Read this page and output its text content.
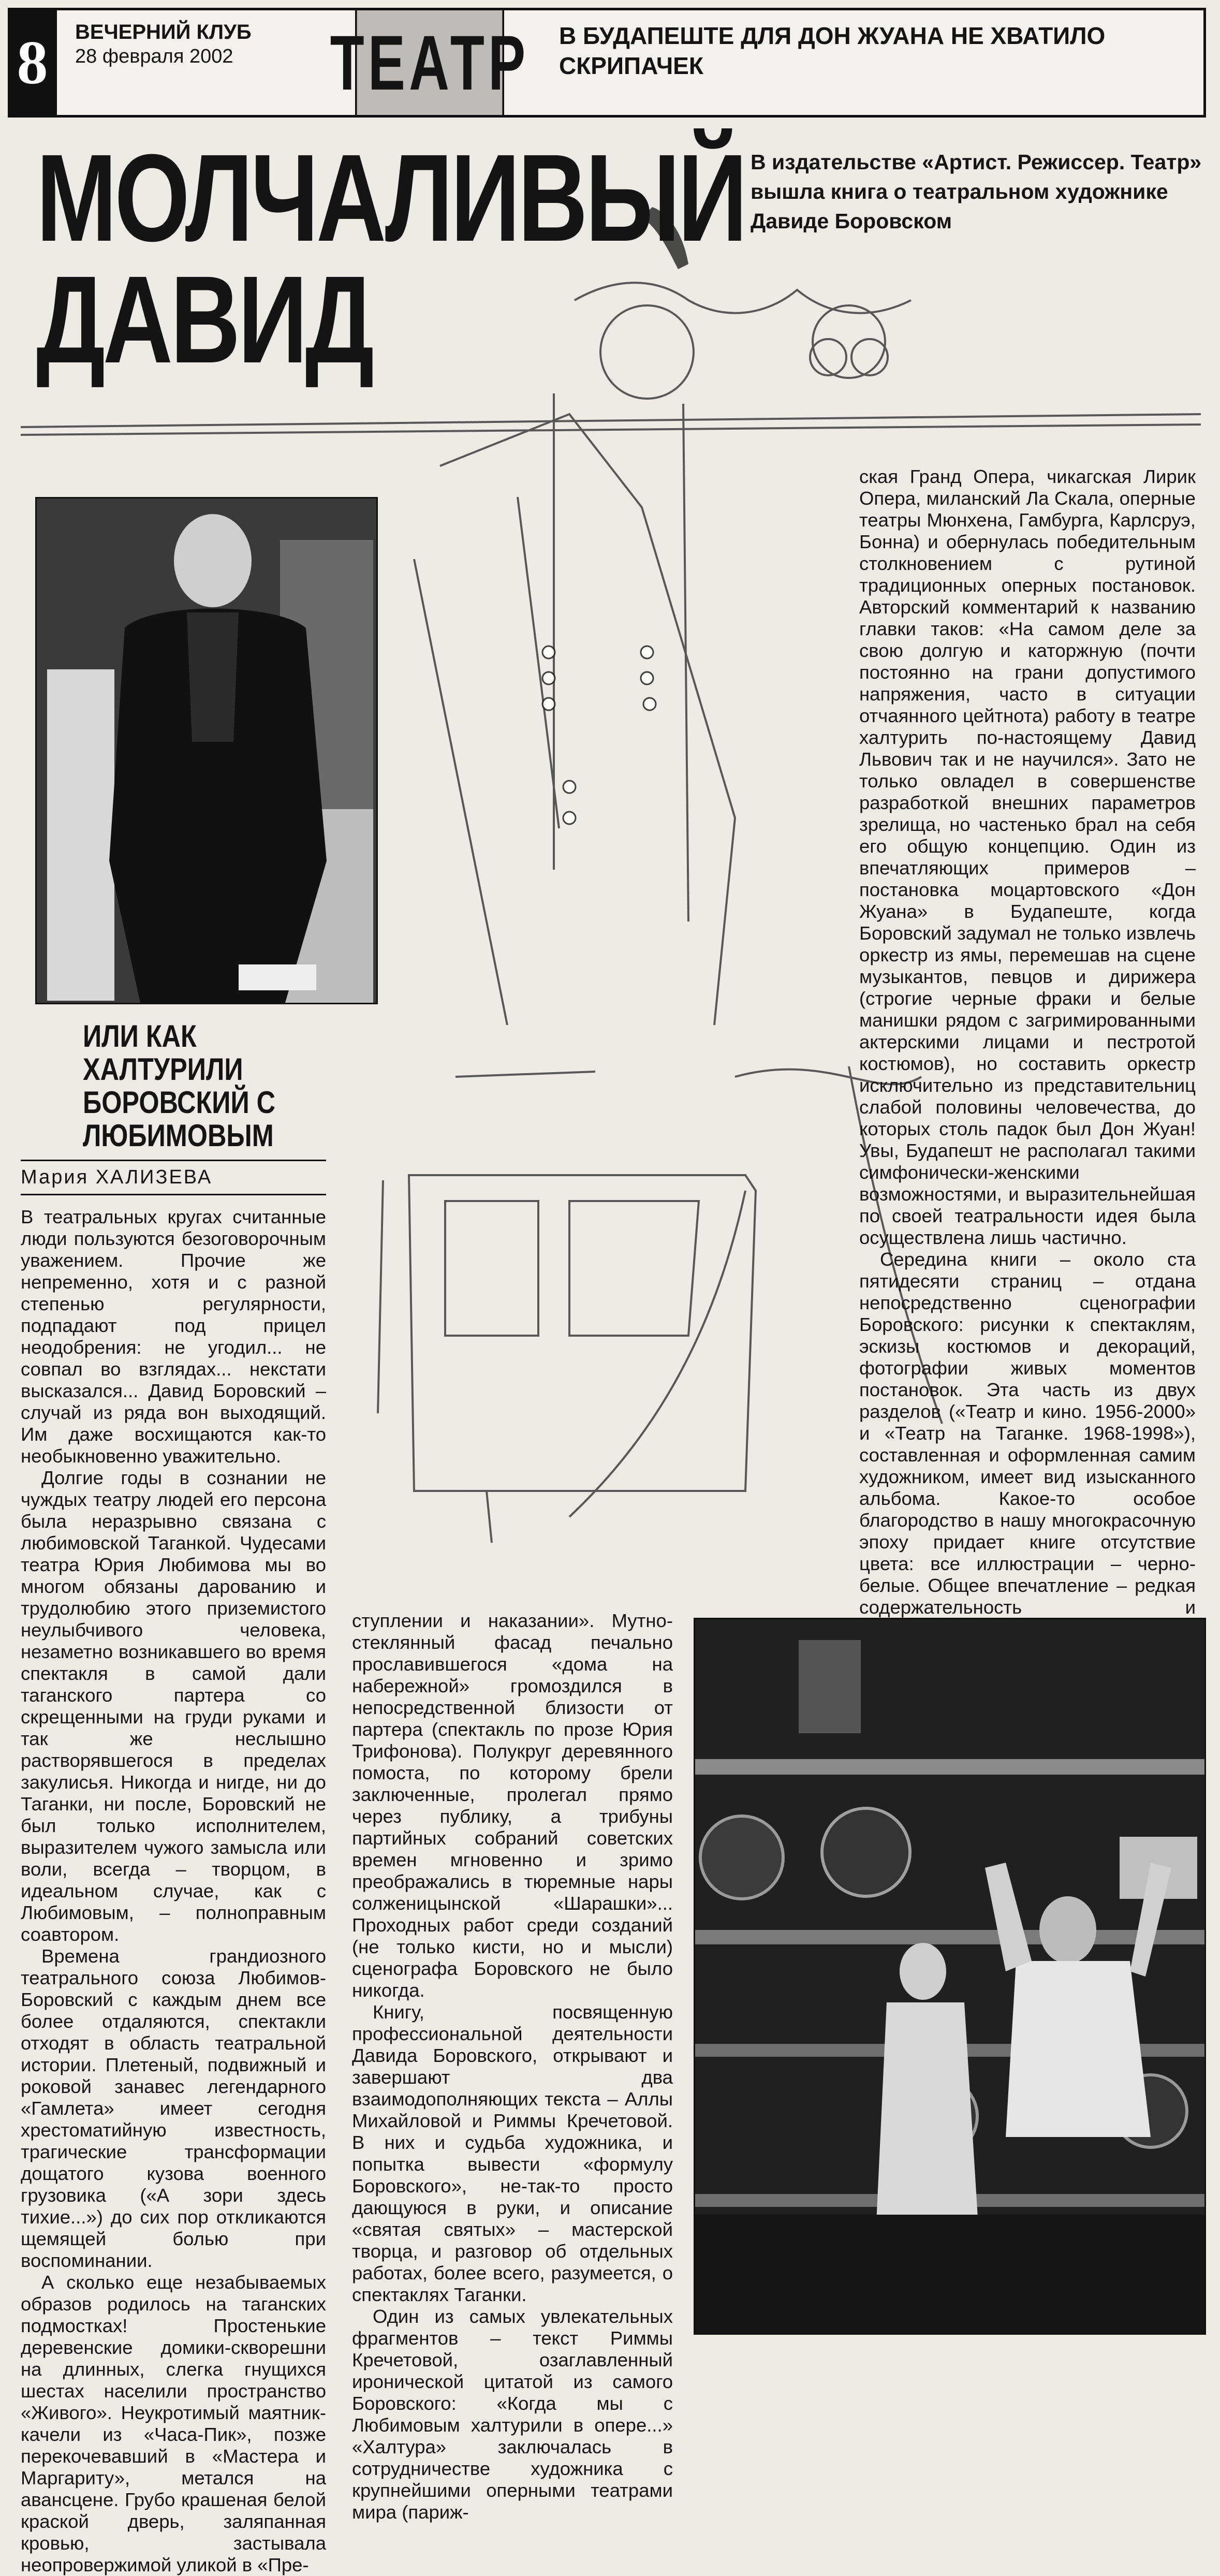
8	ВЕЧЕРНИЙ КЛУБ
28 февраля 2002 ТЕАТР В БУДАПЕШТЕ ДЛЯ ДОН ЖУАНА НЕ ХВАТИЛО СКРИПАЧЕК
МОЛЧАЛИВЫЙ
ДАВИД
В издательстве «Артист. Режиссер. Театр» вышла книга о театральном художнике Давиде Боровском
ИЛИ КАК ХАЛТУРИЛИ БОРОВСКИЙ С ЛЮБИМОВЫМ
Мария ХАЛИЗЕВА

В театральных кругах считанные люди пользуются безоговорочным уважением. Прочие же непременно, хотя и с разной степенью регулярности, подпадают под прицел неодобрения: не угодил... не совпал во взглядах... некстати высказался... Давид Боровский – случай из ряда вон выходящий. Им даже восхищаются как-то необыкновенно уважительно.

Долгие годы в сознании не чуждых театру людей его персона была неразрывно связана с любимовской Таганкой. Чудесами театра Юрия Любимова мы во многом обязаны дарованию и трудолюбию этого приземистого неулыбчивого человека, незаметно возникавшего во время спектакля в самой дали таганского партера со скрещенными на груди руками и так же неслышно растворявшегося в пределах закулисья. Никогда и нигде, ни до Таганки, ни после, Боровский не был только исполнителем, выразителем чужого замысла или воли, всегда – творцом, в идеальном случае, как с Любимовым, – полноправным соавтором.

Времена грандиозного театрального союза Любимов-Боровский с каждым днем все более отдаляются, спектакли отходят в область театральной истории. Плетеный, подвижный и роковой занавес легендарного «Гамлета» имеет сегодня хрестоматийную известность, трагические трансформации дощатого кузова военного грузовика («А зори здесь тихие...») до сих пор откликаются щемящей болью при воспоминании.

А сколько еще незабываемых образов родилось на таганских подмостках! Простенькие деревенские домики-скворешни на длинных, слегка гнущихся шестах населили пространство «Живого». Неукротимый маятник-качели из «Часа-Пик», позже перекочевавший в «Мастера и Маргариту», метался на авансцене. Грубо крашеная белой краской дверь, заляпанная кровью, застывала неопровержимой уликой в «Пре-

ступлении и наказании». Мутно-стеклянный фасад печально прославившегося «дома на набережной» громоздился в непосредственной близости от партера (спектакль по прозе Юрия Трифонова). Полукруг деревянного помоста, по которому брели заключенные, пролегал прямо через публику, а трибуны партийных собраний советских времен мгновенно и зримо преображались в тюремные нары солженицынской «Шарашки»... Проходных работ среди созданий (не только кисти, но и мысли) сценографа Боровского не было никогда.

Книгу, посвященную профессиональной деятельности Давида Боровского, открывают и завершают два взаимодополняющих текста – Аллы Михайловой и Риммы Кречетовой. В них и судьба художника, и попытка вывести «формулу Боровского», не-так-то просто дающуюся в руки, и описание «святая святых» – мастерской творца, и разговор об отдельных работах, более всего, разумеется, о спектаклях Таганки.

Один из самых увлекательных фрагментов – текст Риммы Кречетовой, озаглавленный иронической цитатой из самого Боровского: «Когда мы с Любимовым халтурили в опере...» «Халтура» заключалась в сотрудничестве художника с крупнейшими оперными театрами мира (париж-

ская Гранд Опера, чикагская Лирик Опера, миланский Ла Скала, оперные театры Мюнхена, Гамбурга, Карлсруэ, Бонна) и обернулась победительным столкновением с рутиной традиционных оперных постановок. Авторский комментарий к названию главки таков: «На самом деле за свою долгую и каторжную (почти постоянно на грани допустимого напряжения, часто в ситуации отчаянного цейтнота) работу в театре халтурить по-настоящему Давид Львович так и не научился». Зато не только овладел в совершенстве разработкой внешних параметров зрелища, но частенько брал на себя его общую концепцию. Один из впечатляющих примеров – постановка моцартовского «Дон Жуана» в Будапеште, когда Боровский задумал не только извлечь оркестр из ямы, перемешав на сцене музыкантов, певцов и дирижера (строгие черные фраки и белые манишки рядом с загримированными актерскими лицами и пестротой костюмов), но составить оркестр исключительно из представительниц слабой половины человечества, до которых столь падок был Дон Жуан! Увы, Будапешт не располагал такими симфонически-женскими возможностями, и выразительнейшая по своей театральности идея была осуществлена лишь частично.

Середина книги – около ста пятидесяти страниц – отдана непосредственно сценографии Боровского: рисунки к спектаклям, эскизы костюмов и декораций, фотографии живых моментов постановок. Эта часть из двух разделов («Театр и кино. 1956-2000» и «Театр на Таганке. 1968-1998»), составленная и оформленная самим художником, имеет вид изысканного альбома. Какое-то особое благородство в нашу многокрасочную эпоху придает книге отсутствие цвета: все иллюстрации – черно-белые. Общее впечатление – редкая содержательность и
